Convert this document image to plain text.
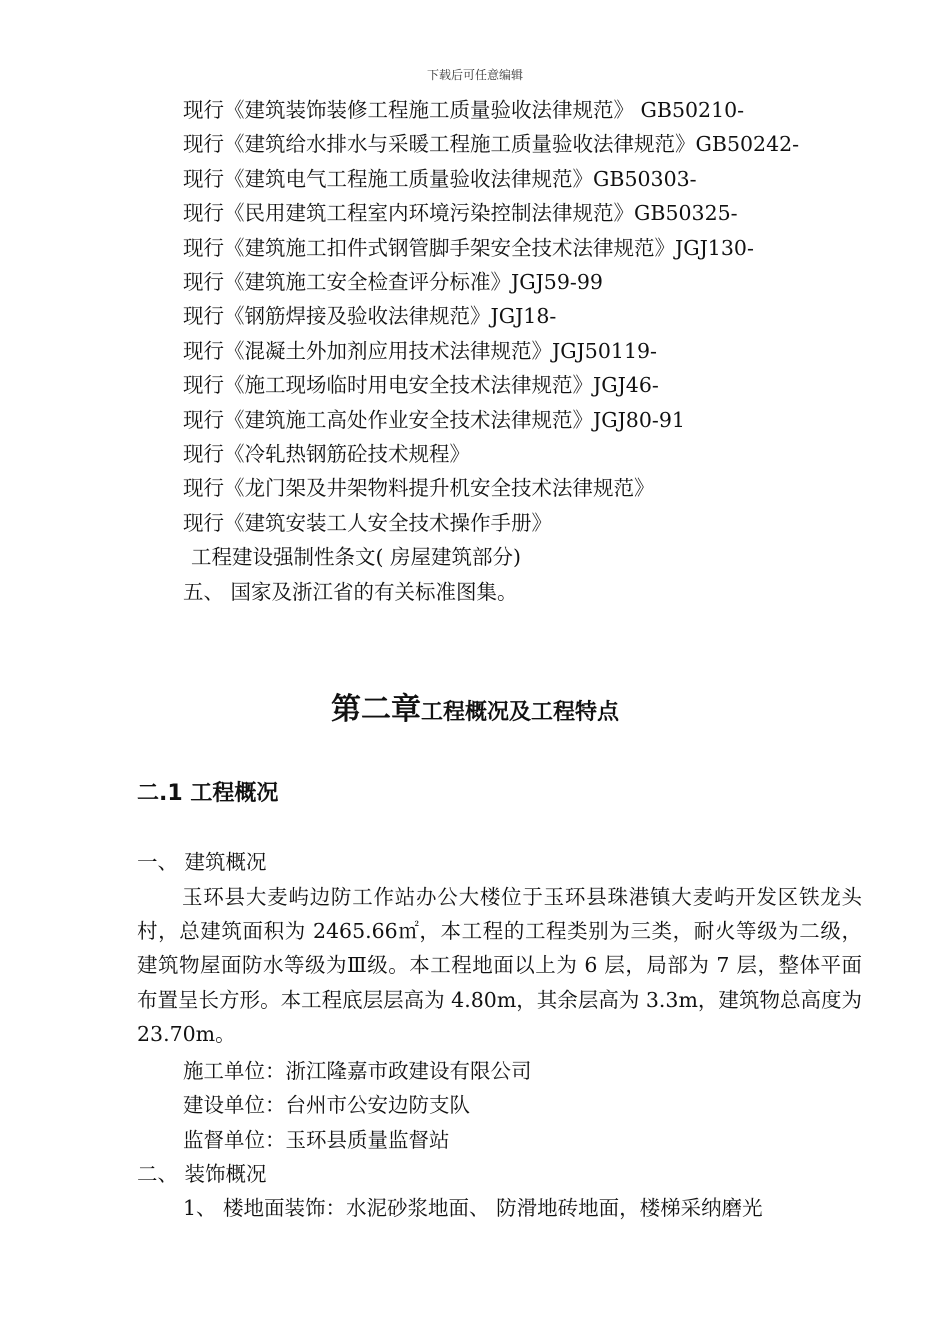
下载后可任意编辑
现行《建筑装饰装修工程施工质量验收法律规范》 GB50210-
现行《建筑给水排水与采暖工程施工质量验收法律规范》GB50242-
现行《建筑电气工程施工质量验收法律规范》GB50303-
现行《民用建筑工程室内环境污染控制法律规范》GB50325-
现行《建筑施工扣件式钢管脚手架安全技术法律规范》JGJ130-
现行《建筑施工安全检查评分标准》JGJ59-99
现行《钢筋焊接及验收法律规范》JGJ18-
现行《混凝土外加剂应用技术法律规范》JGJ50119-
现行《施工现场临时用电安全技术法律规范》JGJ46-
现行《建筑施工高处作业安全技术法律规范》JGJ80-91
现行《冷轧热钢筋砼技术规程》
现行《龙门架及井架物料提升机安全技术法律规范》
现行《建筑安装工人安全技术操作手册》
工程建设强制性条文( 房屋建筑部分)
五、 国家及浙江省的有关标准图集。
第二章工程概况及工程特点
二.1 工程概况
一、 建筑概况
玉环县大麦屿边防工作站办公大楼位于玉环县珠港镇大麦屿开发区铁龙头村，总建筑面积为 2465.66㎡，本工程的工程类别为三类，耐火等级为二级，建筑物屋面防水等级为Ⅲ级。本工程地面以上为 6 层，局部为 7 层，整体平面布置呈长方形。本工程底层层高为 4.80m，其余层高为 3.3m，建筑物总高度为 23.70m。
施工单位：浙江隆嘉市政建设有限公司
建设单位：台州市公安边防支队
监督单位：玉环县质量监督站
二、 装饰概况
1、 楼地面装饰：水泥砂浆地面、 防滑地砖地面，楼梯采纳磨光
